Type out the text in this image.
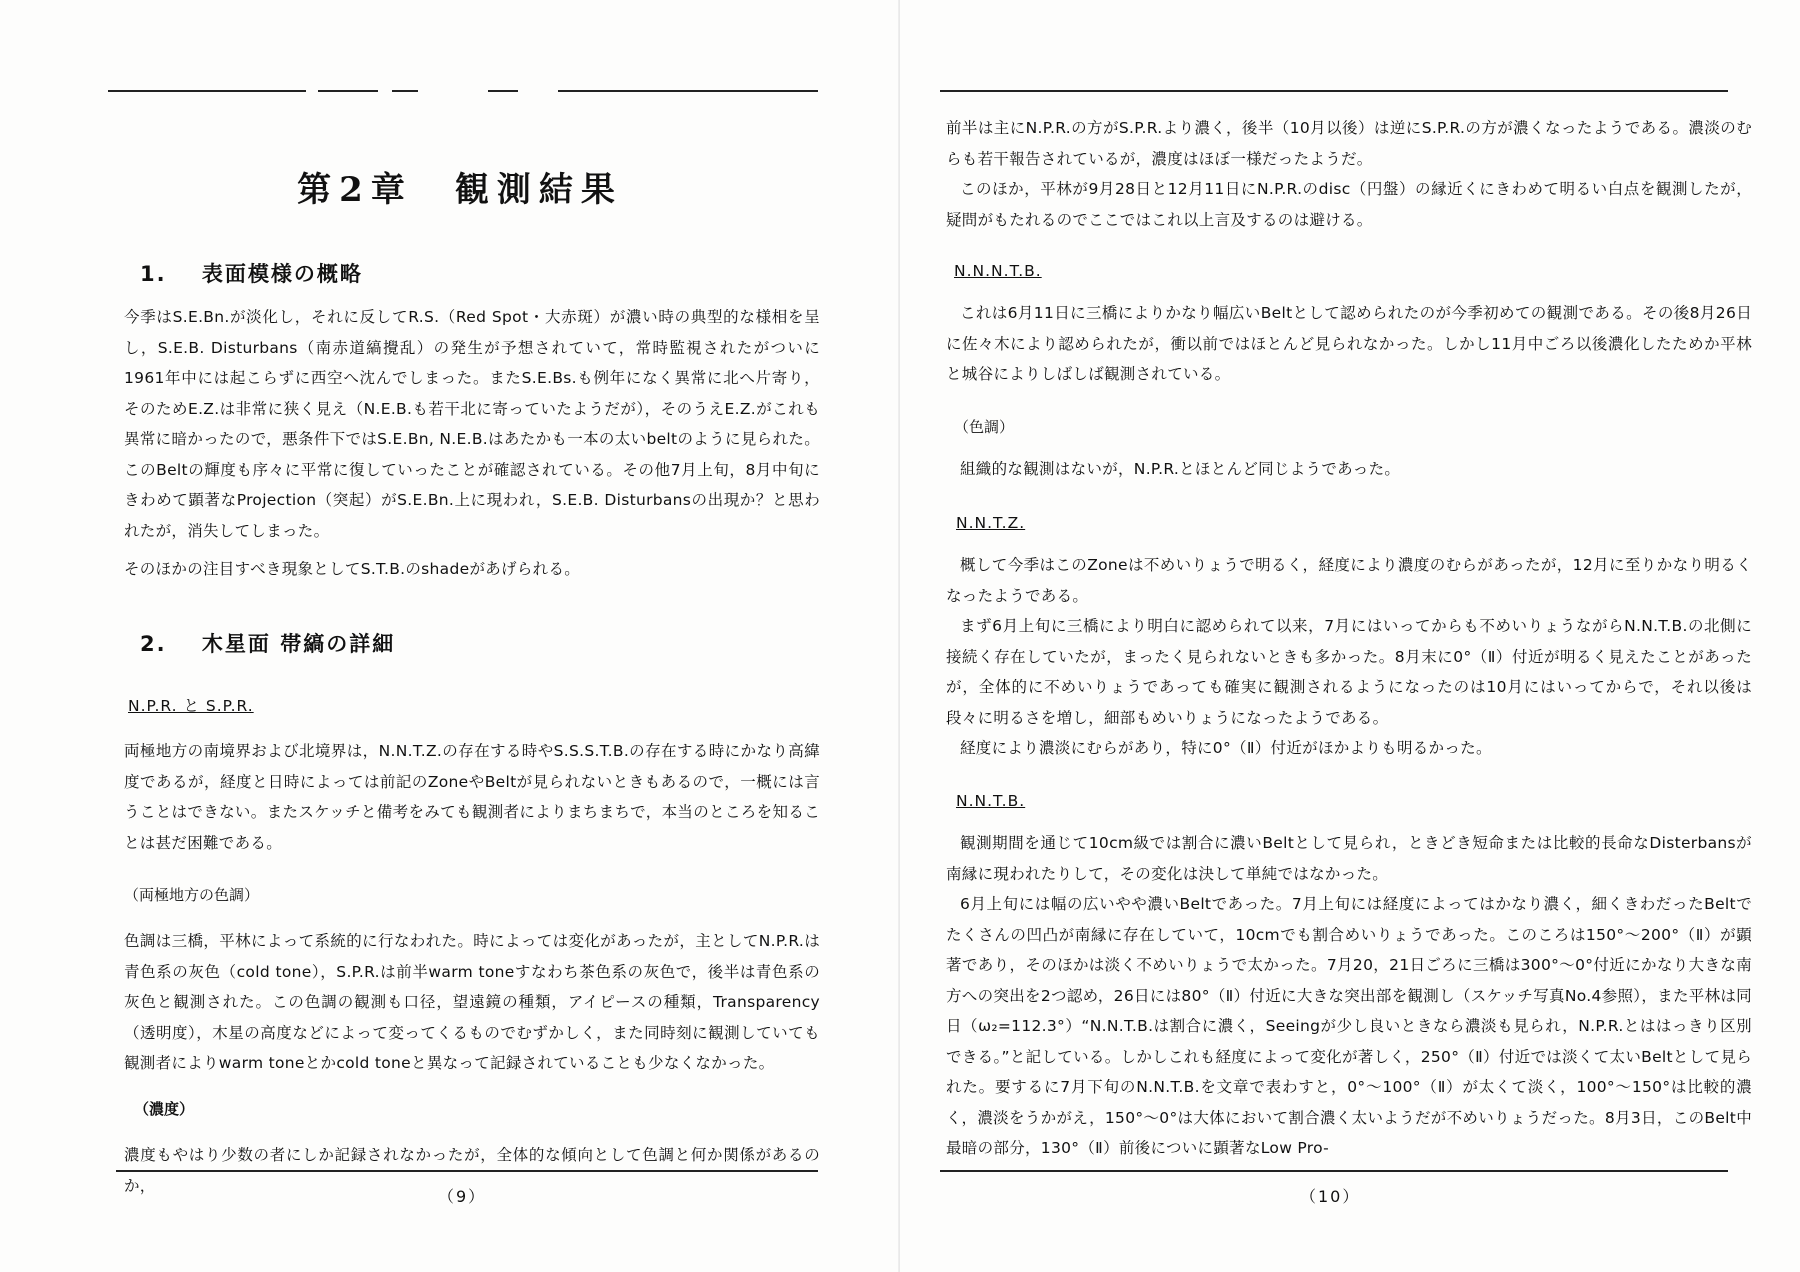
第2章　観測結果
1. 表面模様の概略

今季はS.E.Bn.が淡化し，それに反してR.S.（Red Spot・大赤斑）が濃い時の典型的な様相を呈し，S.E.B. Disturbans（南赤道縞攪乱）の発生が予想されていて，常時監視されたがついに1961年中には起こらずに西空へ沈んでしまった。またS.E.Bs.も例年になく異常に北へ片寄り，そのためE.Z.は非常に狭く見え（N.E.B.も若干北に寄っていたようだが），そのうえE.Z.がこれも異常に暗かったので，悪条件下ではS.E.Bn, N.E.B.はあたかも一本の太いbeltのように見られた。このBeltの輝度も序々に平常に復していったことが確認されている。その他7月上旬，8月中旬にきわめて顕著なProjection（突起）がS.E.Bn.上に現われ，S.E.B. Disturbansの出現か？と思われたが，消失してしまった。

そのほかの注目すべき現象としてS.T.B.のshadeがあげられる。

2. 木星面 帯縞の詳細

N.P.R. と S.P.R.

両極地方の南境界および北境界は，N.N.T.Z.の存在する時やS.S.S.T.B.の存在する時にかなり高緯度であるが，経度と日時によっては前記のZoneやBeltが見られないときもあるので，一概には言うことはできない。またスケッチと備考をみても観測者によりまちまちで，本当のところを知ることは甚だ困難である。

（両極地方の色調）

色調は三橋，平林によって系統的に行なわれた。時によっては変化があったが，主としてN.P.R.は青色系の灰色（cold tone），S.P.R.は前半warm toneすなわち茶色系の灰色で，後半は青色系の灰色と観測された。この色調の観測も口径，望遠鏡の種類，アイピースの種類，Transparency（透明度），木星の高度などによって変ってくるものでむずかしく，また同時刻に観測していても観測者によりwarm toneとかcold toneと異なって記録されていることも少なくなかった。

（濃度）

濃度もやはり少数の者にしか記録されなかったが，全体的な傾向として色調と何か関係があるのか，

（9）

前半は主にN.P.R.の方がS.P.R.より濃く，後半（10月以後）は逆にS.P.R.の方が濃くなったようである。濃淡のむらも若干報告されているが，濃度はほぼ一様だったようだ。

このほか，平林が9月28日と12月11日にN.P.R.のdisc（円盤）の縁近くにきわめて明るい白点を観測したが，疑問がもたれるのでここではこれ以上言及するのは避ける。

N.N.N.T.B.

これは6月11日に三橋によりかなり幅広いBeltとして認められたのが今季初めての観測である。その後8月26日に佐々木により認められたが，衝以前ではほとんど見られなかった。しかし11月中ごろ以後濃化したためか平林と城谷によりしばしば観測されている。

（色調）

組織的な観測はないが，N.P.R.とほとんど同じようであった。

N.N.T.Z.

概して今季はこのZoneは不めいりょうで明るく，経度により濃度のむらがあったが，12月に至りかなり明るくなったようである。

まず6月上旬に三橋により明白に認められて以来，7月にはいってからも不めいりょうながらN.N.T.B.の北側に接続く存在していたが，まったく見られないときも多かった。8月末に0°（Ⅱ）付近が明るく見えたことがあったが，全体的に不めいりょうであっても確実に観測されるようになったのは10月にはいってからで，それ以後は段々に明るさを増し，細部もめいりょうになったようである。

経度により濃淡にむらがあり，特に0°（Ⅱ）付近がほかよりも明るかった。

N.N.T.B.

観測期間を通じて10cm級では割合に濃いBeltとして見られ，ときどき短命または比較的長命なDisterbansが南縁に現われたりして，その変化は決して単純ではなかった。

6月上旬には幅の広いやや濃いBeltであった。7月上旬には経度によってはかなり濃く，細くきわだったBeltでたくさんの凹凸が南縁に存在していて，10cmでも割合めいりょうであった。このころは150°～200°（Ⅱ）が顕著であり，そのほかは淡く不めいりょうで太かった。7月20，21日ごろに三橋は300°～0°付近にかなり大きな南方への突出を2つ認め，26日には80°（Ⅱ）付近に大きな突出部を観測し（スケッチ写真No.4参照），また平林は同日（ω₂=112.3°）“N.N.T.B.は割合に濃く，Seeingが少し良いときなら濃淡も見られ，N.P.R.とははっきり区別できる。”と記している。しかしこれも経度によって変化が著しく，250°（Ⅱ）付近では淡くて太いBeltとして見られた。要するに7月下旬のN.N.T.B.を文章で表わすと，0°～100°（Ⅱ）が太くて淡く，100°～150°は比較的濃く，濃淡をうかがえ，150°～0°は大体において割合濃く太いようだが不めいりょうだった。8月3日，このBelt中最暗の部分，130°（Ⅱ）前後についに顕著なLow Pro-

（10）
